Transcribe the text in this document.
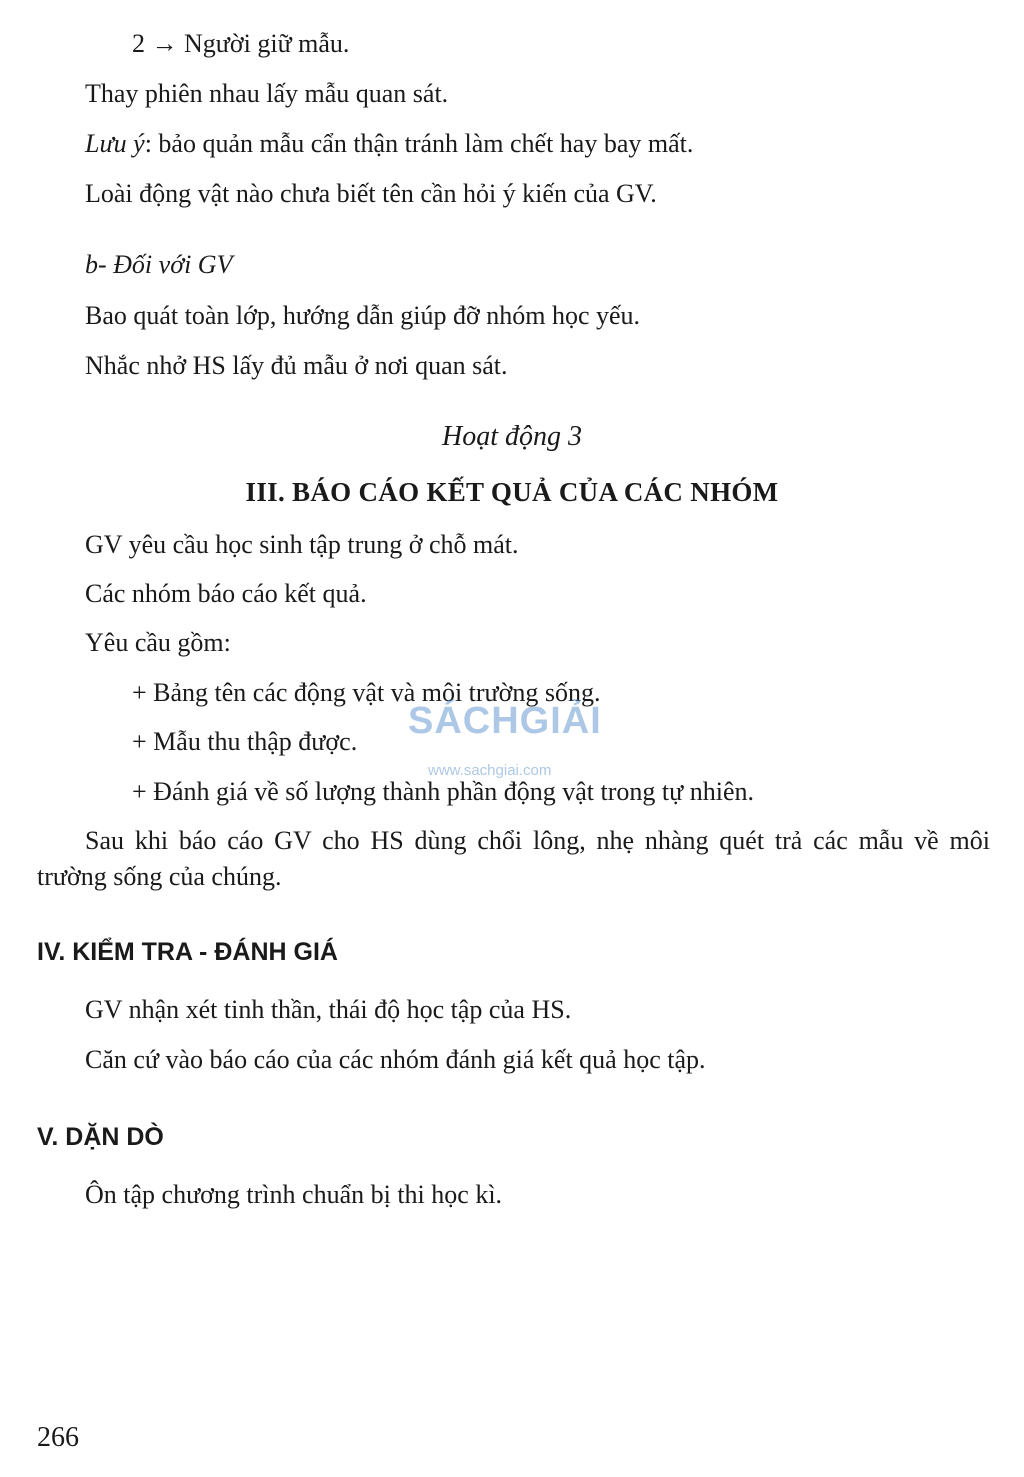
2 → Người giữ mẫu.
Thay phiên nhau lấy mẫu quan sát.
Lưu ý: bảo quản mẫu cẩn thận tránh làm chết hay bay mất.
Loài động vật nào chưa biết tên cần hỏi ý kiến của GV.
b- Đối với GV
Bao quát toàn lớp, hướng dẫn giúp đỡ nhóm học yếu.
Nhắc nhở HS lấy đủ mẫu ở nơi quan sát.
Hoạt động 3
III. BÁO CÁO KẾT QUẢ CỦA CÁC NHÓM
GV yêu cầu học sinh tập trung ở chỗ mát.
Các nhóm báo cáo kết quả.
Yêu cầu gồm:
+ Bảng tên các động vật và môi trường sống.
+ Mẫu thu thập được.
+ Đánh giá về số lượng thành phần động vật trong tự nhiên.
Sau khi báo cáo GV cho HS dùng chổi lông, nhẹ nhàng quét trả các mẫu về môi trường sống của chúng.
IV. KIỂM TRA - ĐÁNH GIÁ
GV nhận xét tinh thần, thái độ học tập của HS.
Căn cứ vào báo cáo của các nhóm đánh giá kết quả học tập.
V. DẶN DÒ
Ôn tập chương trình chuẩn bị thi học kì.
SÁCHGIẢI
www.sachgiai.com
266
